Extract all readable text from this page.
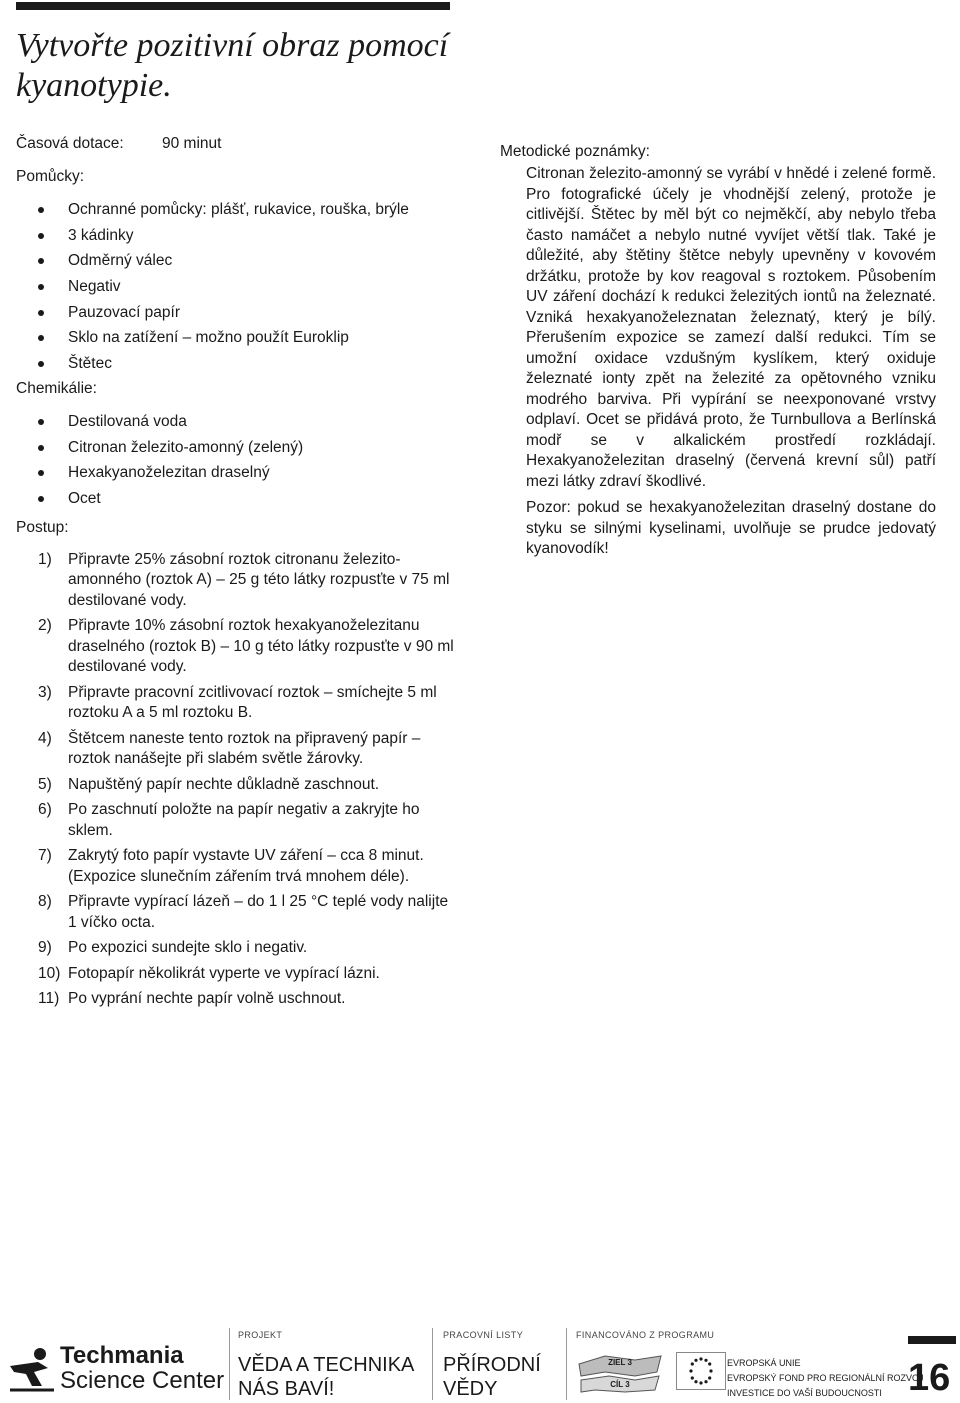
Vytvořte pozitivní obraz pomocí kyanotypie.
Časová dotace: 90 minut
Pomůcky:
Ochranné pomůcky: plášť, rukavice, rouška, brýle
3 kádinky
Odměrný válec
Negativ
Pauzovací papír
Sklo na zatížení – možno použít Euroklip
Štětec
Chemikálie:
Destilovaná voda
Citronan železito-amonný (zelený)
Hexakyanoželezitan draselný
Ocet
Postup:
1) Připravte 25% zásobní roztok citronanu železito-amonného (roztok A) – 25 g této látky rozpusťte v 75 ml destilované vody.
2) Připravte 10% zásobní roztok hexakyanoželezitanu draselného (roztok B) – 10 g této látky rozpusťte v 90 ml destilované vody.
3) Připravte pracovní zcitlivovací roztok – smíchejte 5 ml roztoku A a 5 ml roztoku B.
4) Štětcem naneste tento roztok na připravený papír – roztok nanášejte při slabém světle žárovky.
5) Napuštěný papír nechte důkladně zaschnout.
6) Po zaschnutí položte na papír negativ a zakryjte ho sklem.
7) Zakrytý foto papír vystavte UV záření – cca 8 minut. (Expozice slunečním zářením trvá mnohem déle).
8) Připravte vypírací lázeň – do 1 l 25 °C teplé vody nalijte 1 víčko octa.
9) Po expozici sundejte sklo i negativ.
10) Fotopapír několikrát vyperte ve vypírací lázni.
11) Po vyprání nechte papír volně uschnout.
Metodické poznámky:

Citronan železito-amonný se vyrábí v hnědé i zelené formě. Pro fotografické účely je vhodnější zelený, protože je citlivější. Štětec by měl být co nejměkčí, aby nebylo třeba často namáčet a nebylo nutné vyvíjet větší tlak. Také je důležité, aby štětiny štětce nebyly upevněny v kovovém držátku, protože by kov reagoval s roztokem. Působením UV záření dochází k redukci železitých iontů na železnaté. Vzniká hexakyanoželeznatan železnatý, který je bílý. Přerušením expozice se zamezí další redukci. Tím se umožní oxidace vzdušným kyslíkem, který oxiduje železnaté ionty zpět na železité za opětovného vzniku modrého barviva. Při vypírání se neexponované vrstvy odplaví. Ocet se přidává proto, že Turnbullova a Berlínská modř se v alkalickém prostředí rozkládají. Hexakyanoželezitan draselný (červená krevní sůl) patří mezi látky zdraví škodlivé.

Pozor: pokud se hexakyanoželezitan draselný dostane do styku se silnými kyselinami, uvolňuje se prudce jedovatý kyanovodík!

Techmania
Science Center
PROJEKT
VĚDA A TECHNIKA
NÁS BAVÍ!
PRACOVNÍ LISTY
PŘÍRODNÍ
VĚDY
FINANCOVÁNO Z PROGRAMU
ZIEL 3
CÍL 3
EVROPSKÁ UNIE
EVROPSKÝ FOND PRO REGIONÁLNÍ ROZVOJ
INVESTICE DO VAŠÍ BUDOUCNOSTI 16
